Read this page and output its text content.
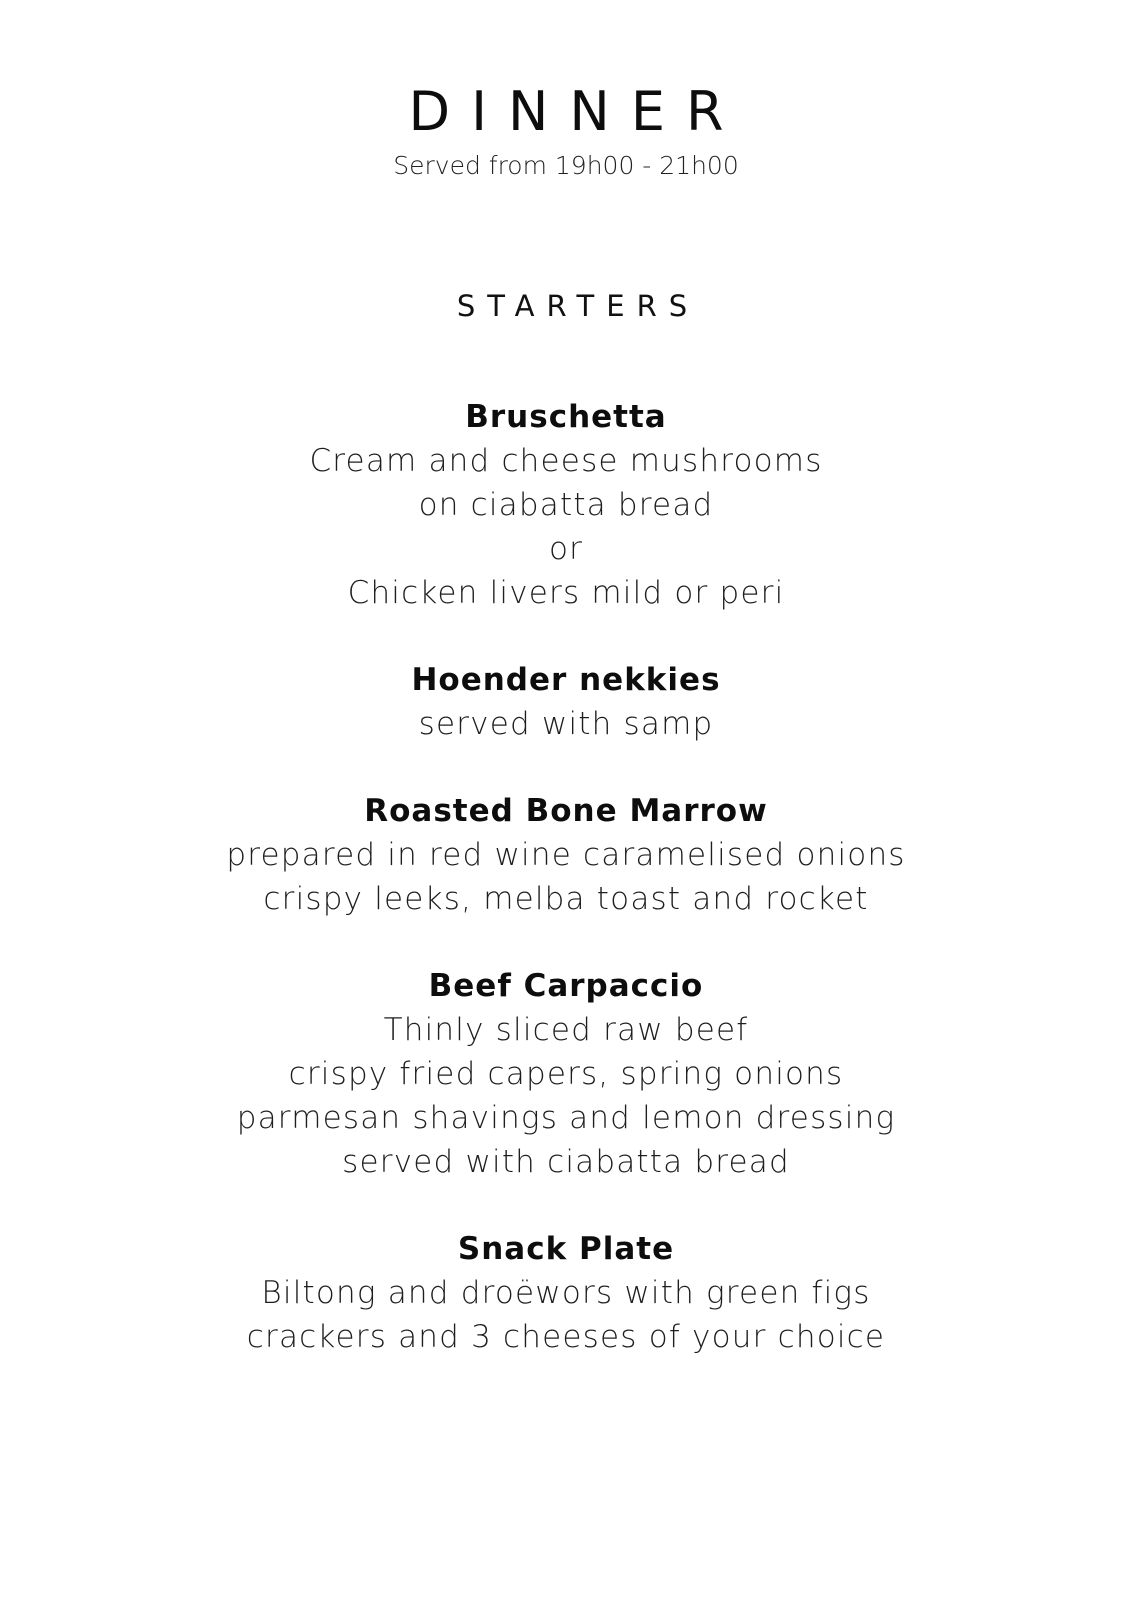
DINNER
Served from 19h00 - 21h00
STARTERS
Bruschetta
Cream and cheese mushrooms
on ciabatta bread
or
Chicken livers mild or peri
Hoender nekkies
served with samp
Roasted Bone Marrow
prepared in red wine caramelised onions
crispy leeks, melba toast and rocket
Beef Carpaccio
Thinly sliced raw beef
crispy fried capers, spring onions
parmesan shavings and lemon dressing
served with ciabatta bread
Snack Plate
Biltong and droëwors with green figs
crackers and 3 cheeses of your choice
